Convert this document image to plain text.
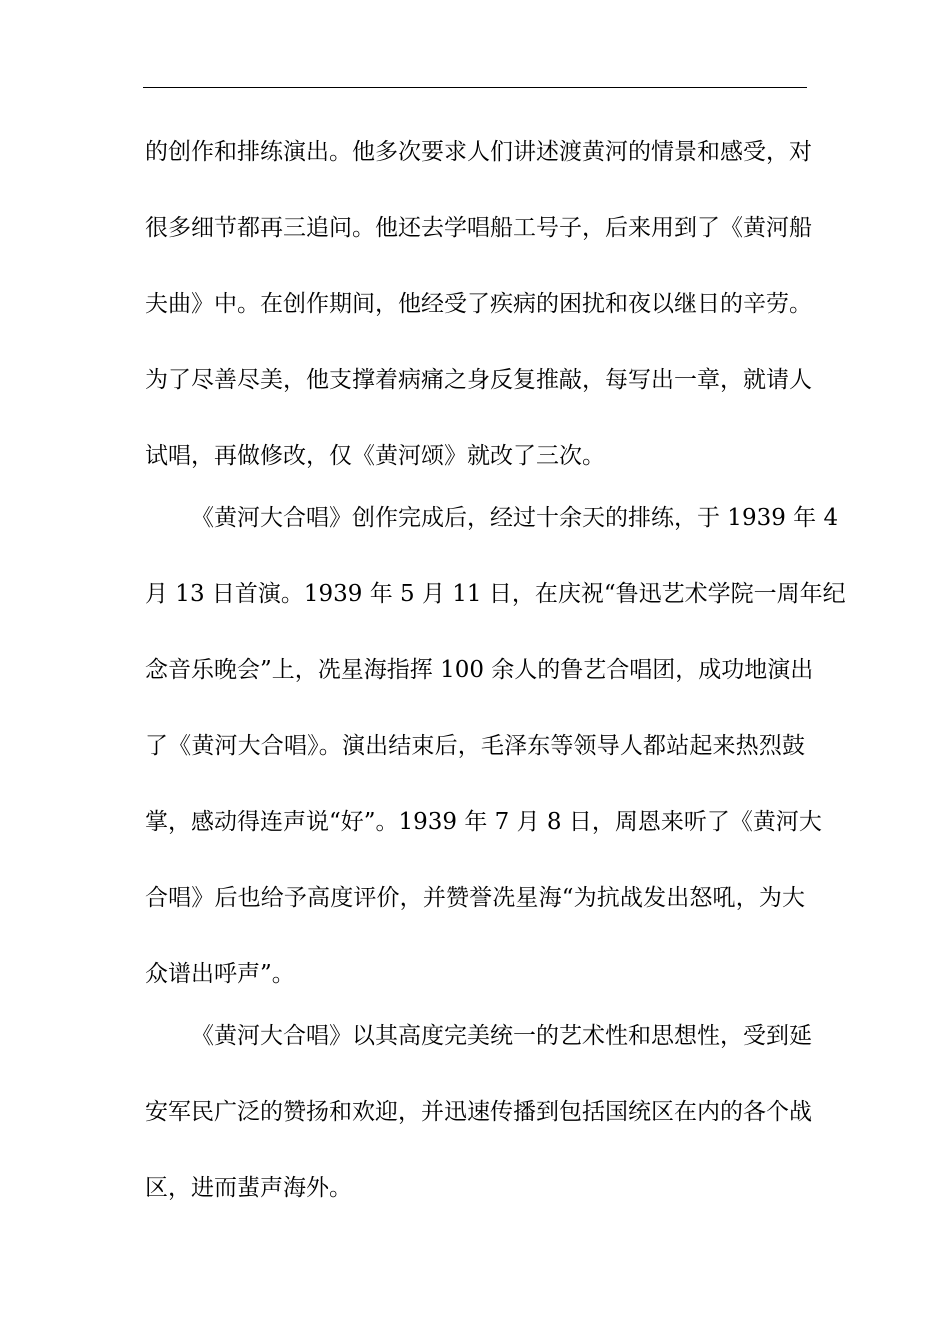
的创作和排练演出。他多次要求人们讲述渡黄河的情景和感受，对
很多细节都再三追问。他还去学唱船工号子，后来用到了《黄河船
夫曲》中。在创作期间，他经受了疾病的困扰和夜以继日的辛劳。
为了尽善尽美，他支撑着病痛之身反复推敲，每写出一章，就请人
试唱，再做修改，仅《黄河颂》就改了三次。
《黄河大合唱》创作完成后，经过十余天的排练，于 1939 年 4
月 13 日首演。1939 年 5 月 11 日，在庆祝“鲁迅艺术学院一周年纪
念音乐晚会”上，冼星海指挥 100 余人的鲁艺合唱团，成功地演出
了《黄河大合唱》。演出结束后，毛泽东等领导人都站起来热烈鼓
掌，感动得连声说“好”。1939 年 7 月 8 日，周恩来听了《黄河大
合唱》后也给予高度评价，并赞誉冼星海“为抗战发出怒吼，为大
众谱出呼声”。
《黄河大合唱》以其高度完美统一的艺术性和思想性，受到延
安军民广泛的赞扬和欢迎，并迅速传播到包括国统区在内的各个战
区，进而蜚声海外。
